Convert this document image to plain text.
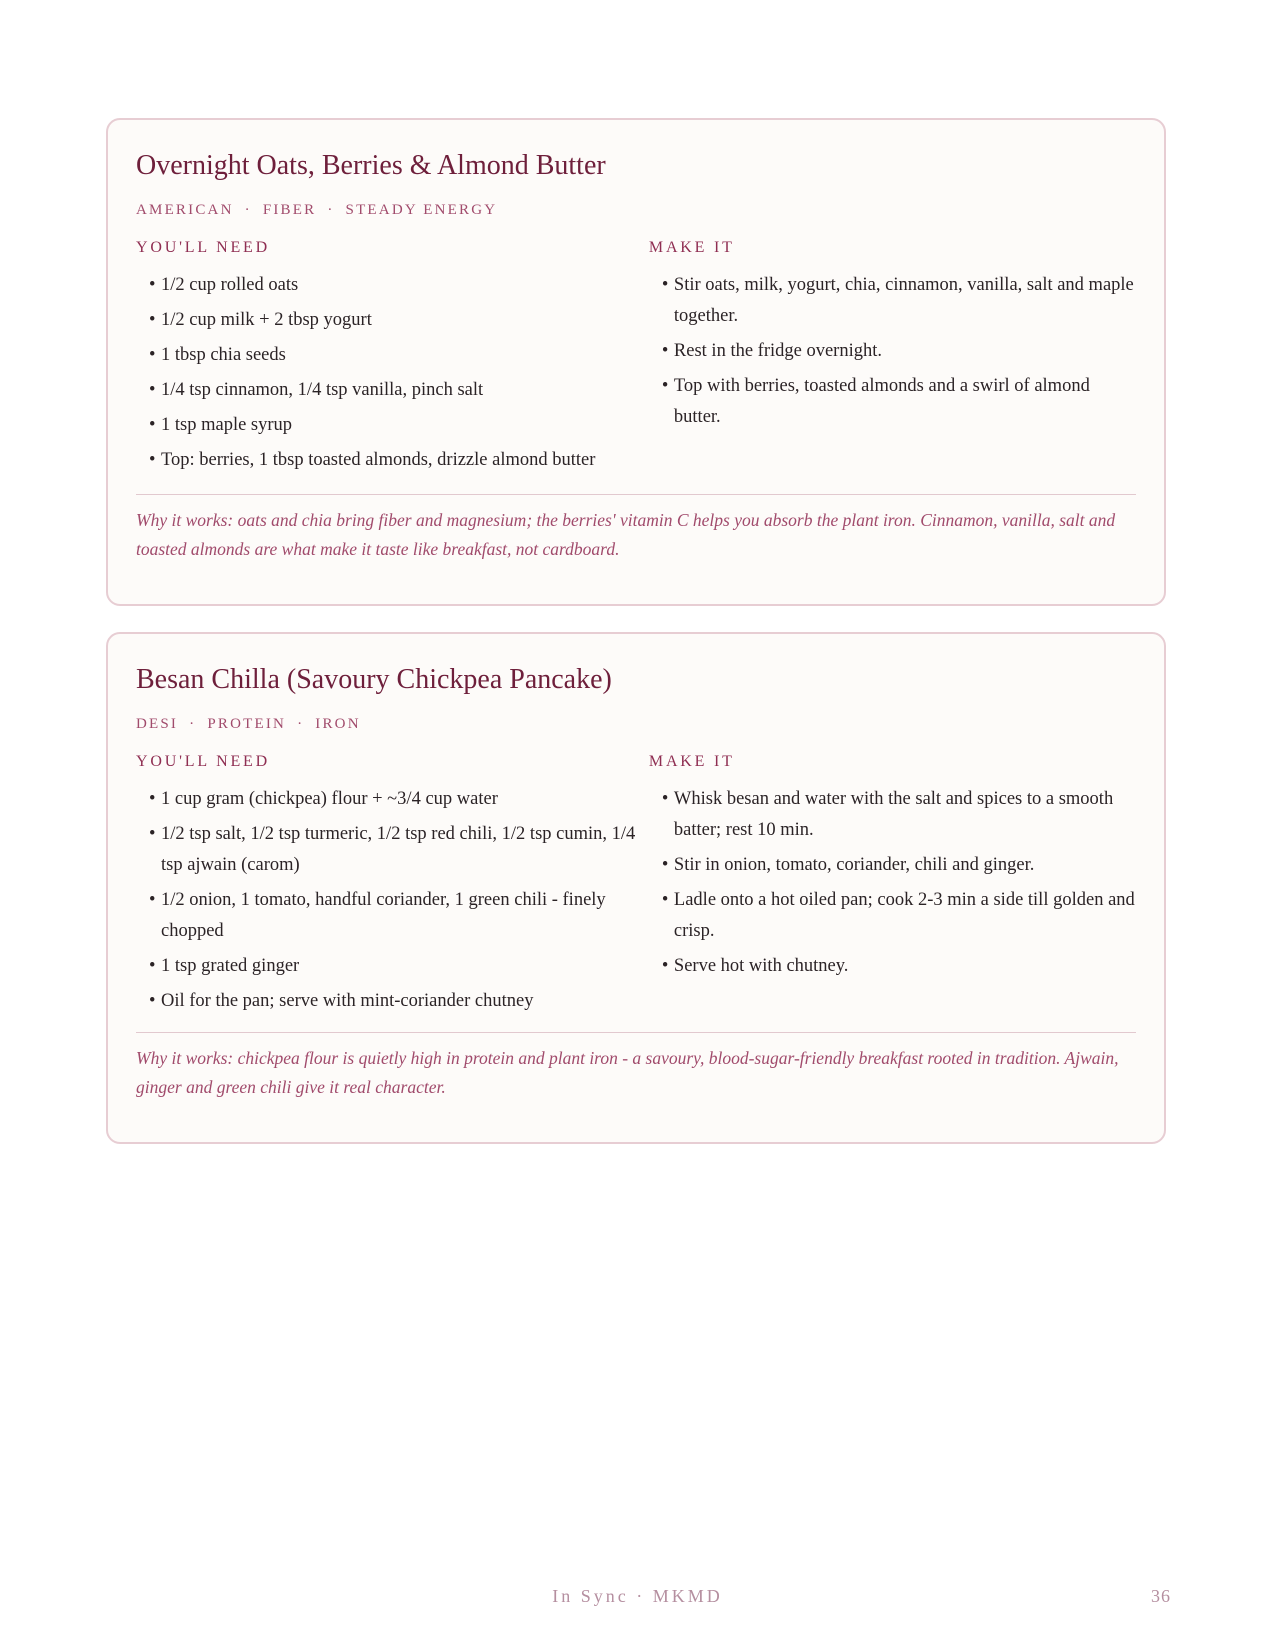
Overnight Oats, Berries & Almond Butter
AMERICAN · FIBER · STEADY ENERGY
YOU'LL NEED
• 1/2 cup rolled oats
• 1/2 cup milk + 2 tbsp yogurt
• 1 tbsp chia seeds
• 1/4 tsp cinnamon, 1/4 tsp vanilla, pinch salt
• 1 tsp maple syrup
• Top: berries, 1 tbsp toasted almonds, drizzle almond butter
MAKE IT
• Stir oats, milk, yogurt, chia, cinnamon, vanilla, salt and maple together.
• Rest in the fridge overnight.
• Top with berries, toasted almonds and a swirl of almond butter.

Why it works: oats and chia bring fiber and magnesium; the berries' vitamin C helps you absorb the plant iron. Cinnamon, vanilla, salt and toasted almonds are what make it taste like breakfast, not cardboard.

Besan Chilla (Savoury Chickpea Pancake)
DESI · PROTEIN · IRON
YOU'LL NEED
• 1 cup gram (chickpea) flour + ~3/4 cup water
• 1/2 tsp salt, 1/2 tsp turmeric, 1/2 tsp red chili, 1/2 tsp cumin, 1/4 tsp ajwain (carom)
• 1/2 onion, 1 tomato, handful coriander, 1 green chili - finely chopped
• 1 tsp grated ginger
• Oil for the pan; serve with mint-coriander chutney
MAKE IT
• Whisk besan and water with the salt and spices to a smooth batter; rest 10 min.
• Stir in onion, tomato, coriander, chili and ginger.
• Ladle onto a hot oiled pan; cook 2-3 min a side till golden and crisp.
• Serve hot with chutney.

Why it works: chickpea flour is quietly high in protein and plant iron - a savoury, blood-sugar-friendly breakfast rooted in tradition. Ajwain, ginger and green chili give it real character.

In Sync · MKMD	36
